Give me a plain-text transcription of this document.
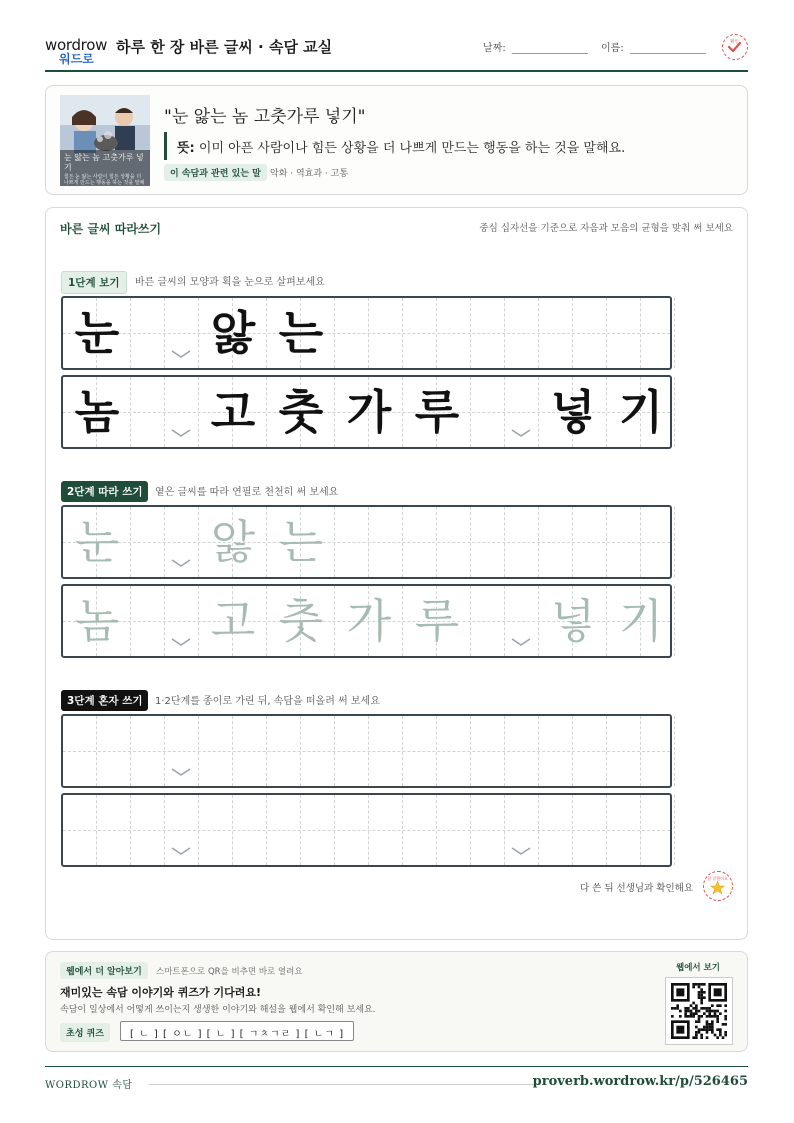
wordrow
워드로
하루 한 장 바른 글씨 · 속담 교실	날짜:	이름:
확인
눈 앓는 놈 고춧가루 넣기
힘든 눈 앓는 사람이 힘든 상황을 더 나쁘게 만드는 행동을 하는 것을 말해요.
"눈 앓는 놈 고춧가루 넣기"
뜻: 이미 아픈 사람이나 힘든 상황을 더 나쁘게 만드는 행동을 하는 것을 말해요.
이 속담과 관련 있는 말	악화 · 역효과 · 고통
바른 글씨 따라쓰기	중심 십자선을 기준으로 자음과 모음의 균형을 맞춰 써 보세요
1단계 보기	바른 글씨의 모양과 획을 눈으로 살펴보세요
눈 앓 는
놈 고 춧 가 루 넣 기
2단계 따라 쓰기	옅은 글씨를 따라 연필로 천천히 써 보세요
눈 앓 는
놈 고 춧 가 루 넣 기
3단계 혼자 쓰기	1·2단계를 종이로 가린 뒤, 속담을 떠올려 써 보세요
다 쓴 뒤 선생님과 확인해요
참 잘했어요
웹에서 더 알아보기	스마트폰으로 QR을 비추면 바로 열려요
재미있는 속담 이야기와 퀴즈가 기다려요!
속담이 일상에서 어떻게 쓰이는지 생생한 이야기와 해설을 웹에서 확인해 보세요.
초성 퀴즈	[ ㄴ ] [ ㅇㄴ ] [ ㄴ ] [ ㄱㅊㄱㄹ ] [ ㄴㄱ ]
웹에서 보기
WORDROW 속담	proverb.wordrow.kr/p/526465
